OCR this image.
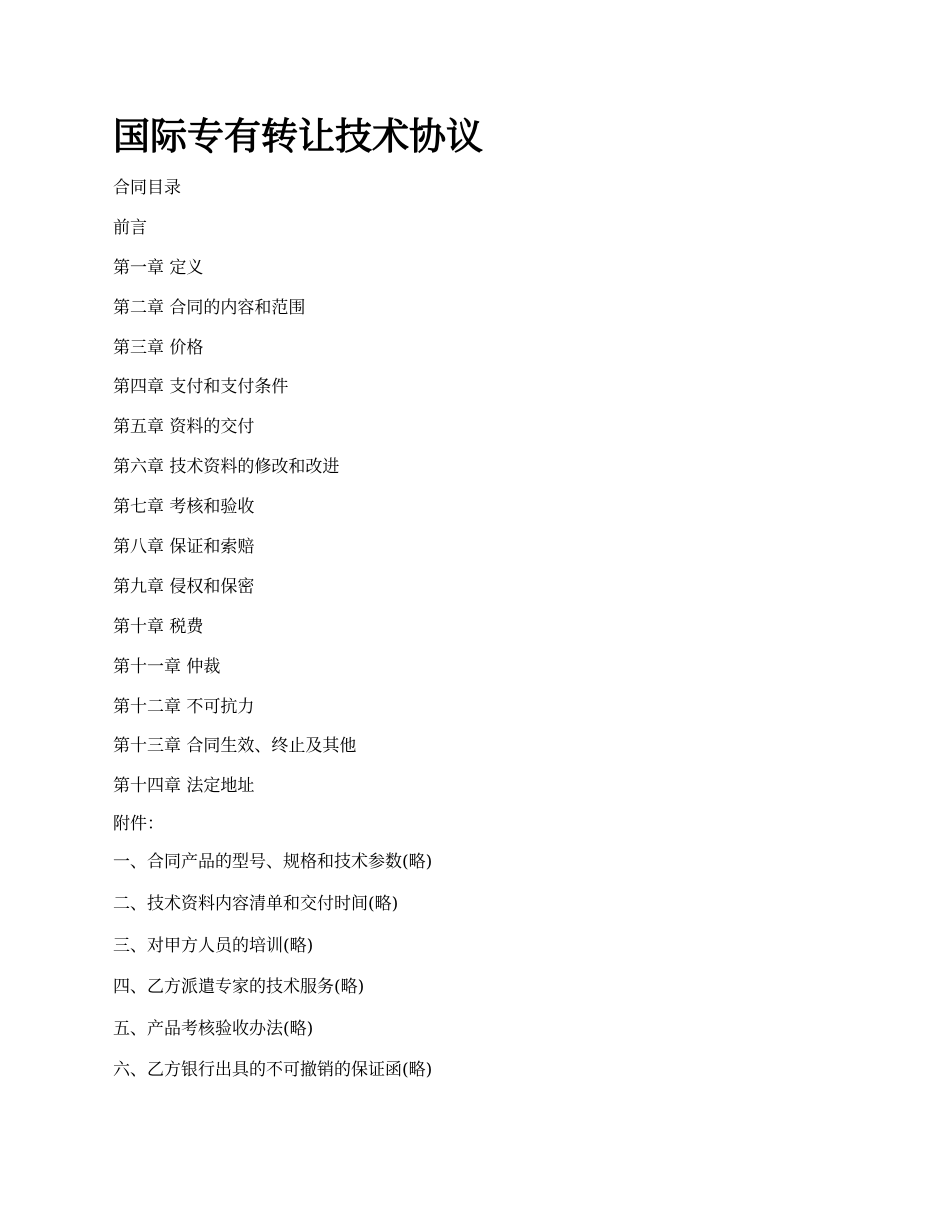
国际专有转让技术协议
合同目录
前言
第一章 定义
第二章 合同的内容和范围
第三章 价格
第四章 支付和支付条件
第五章 资料的交付
第六章 技术资料的修改和改进
第七章 考核和验收
第八章 保证和索赔
第九章 侵权和保密
第十章 税费
第十一章 仲裁
第十二章 不可抗力
第十三章 合同生效、终止及其他
第十四章 法定地址
附件：
一、合同产品的型号、规格和技术参数(略)
二、技术资料内容清单和交付时间(略)
三、对甲方人员的培训(略)
四、乙方派遣专家的技术服务(略)
五、产品考核验收办法(略)
六、乙方银行出具的不可撤销的保证函(略)
